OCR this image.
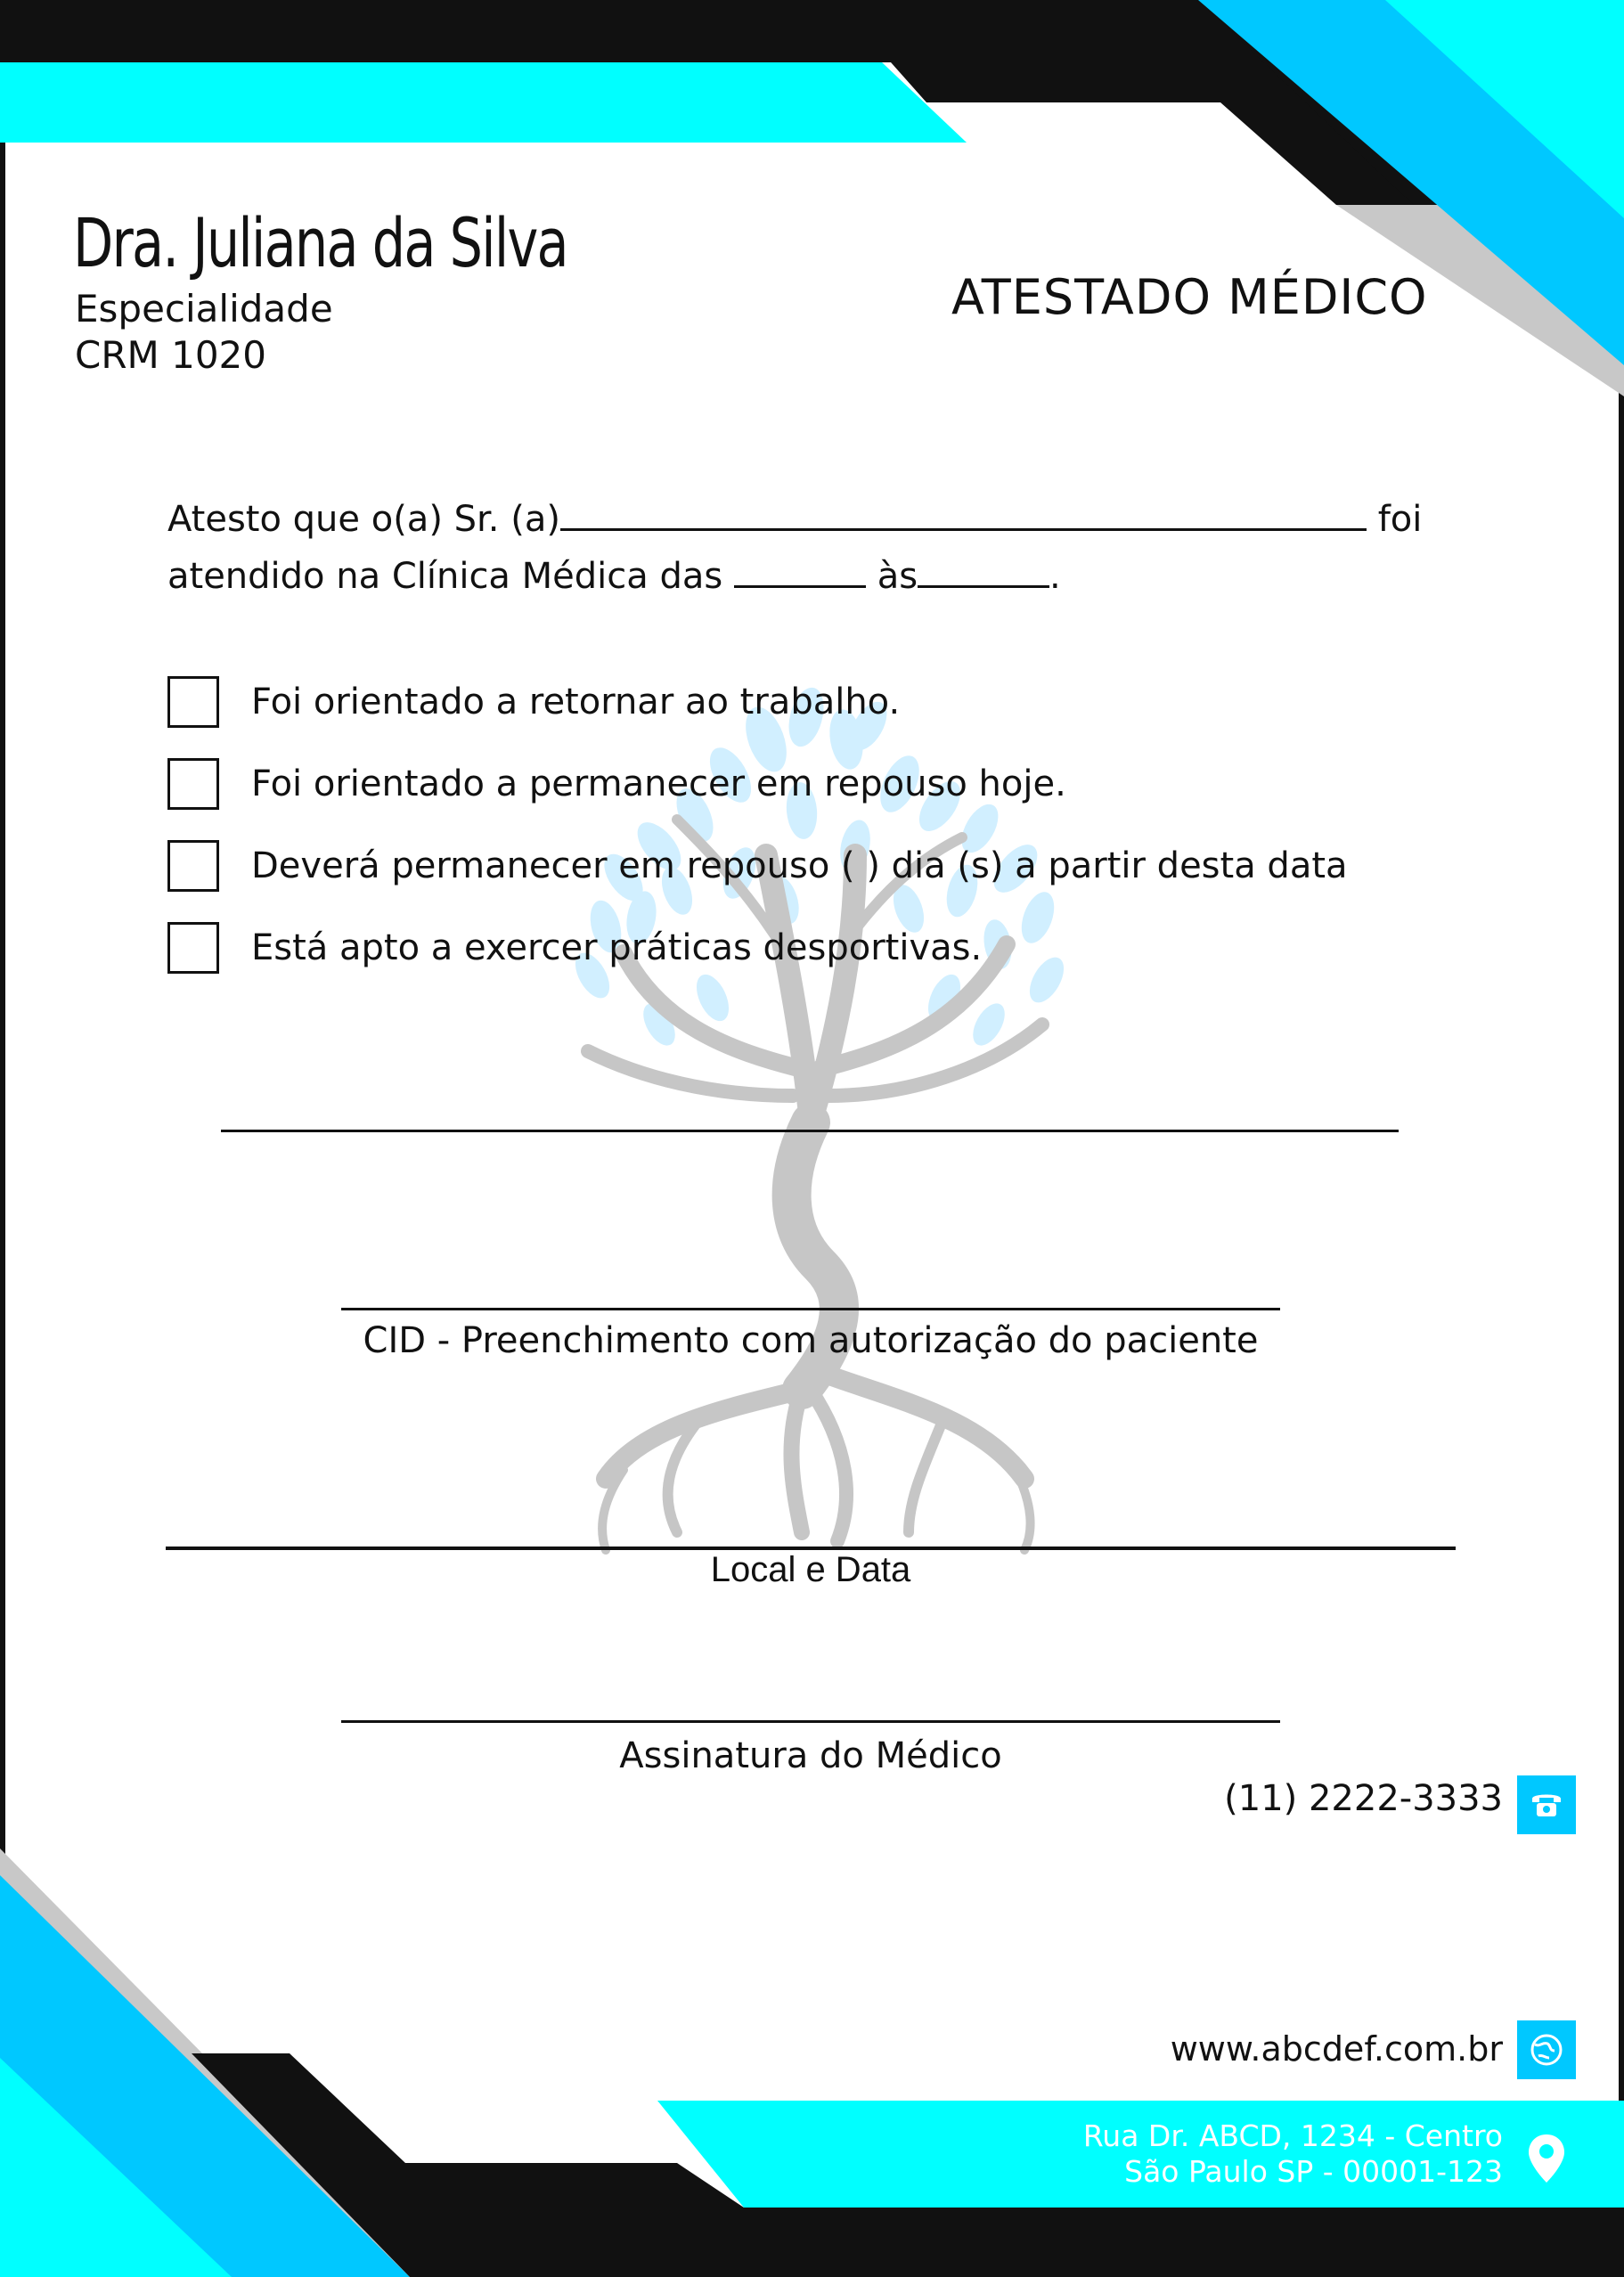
Dra. Juliana da Silva
Especialidade
CRM 1020
ATESTADO MÉDICO
Atesto que o(a) Sr. (a)	foi
atendido na Clínica Médica das	às	.
Foi orientado a retornar ao trabalho.
Foi orientado a permanecer em repouso hoje.
Deverá permanecer em repouso ( ) dia (s) a partir desta data
Está apto a exercer práticas desportivas.
CID - Preenchimento com autorização do paciente
Local e Data
Assinatura do Médico
(11) 2222-3333
www.abcdef.com.br
Rua Dr. ABCD, 1234 - Centro
São Paulo SP - 00001-123
